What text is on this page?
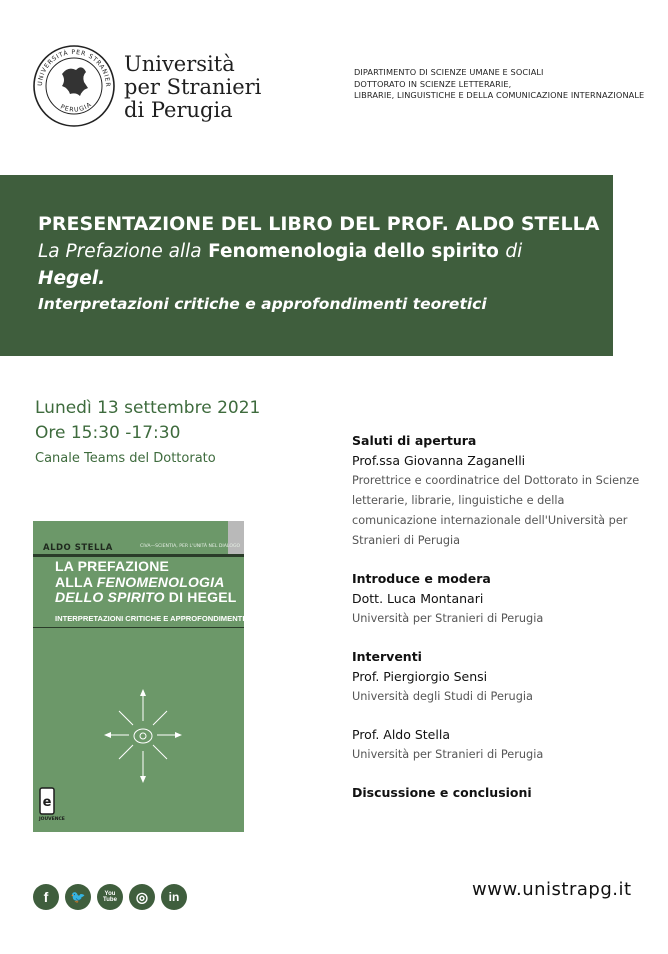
UNIVERSITÀ PER STRANIER
PERUGIA
Università
per Stranieri
di Perugia
DIPARTIMENTO DI SCIENZE UMANE E SOCIALI
DOTTORATO IN SCIENZE LETTERARIE,
LIBRARIE, LINGUISTICHE E DELLA COMUNICAZIONE INTERNAZIONALE
PRESENTAZIONE DEL LIBRO DEL PROF. ALDO STELLA
La Prefazione alla Fenomenologia dello spirito di
Hegel.
Interpretazioni critiche e approfondimenti teoretici
Lunedì 13 settembre 2021
Ore 15:30 -17:30
Canale Teams del Dottorato
ALDO STELLA	CIVA—SCIENTIA, PER L'UNITÀ NEL DIALOGO 2
LA PREFAZIONE
ALLA FENOMENOLOGIA
DELLO SPIRITO DI HEGEL
INTERPRETAZIONI CRITICHE E APPROFONDIMENTI TEORETICI
e
JOUVENCE
Saluti di apertura
Prof.ssa Giovanna Zaganelli
Prorettrice e coordinatrice del Dottorato in Scienze
letterarie, librarie, linguistiche e della
comunicazione internazionale dell'Università per
Stranieri di Perugia
Introduce e modera
Dott. Luca Montanari
Università per Stranieri di Perugia
Interventi
Prof. Piergiorgio Sensi
Università degli Studi di Perugia
Prof. Aldo Stella
Università per Stranieri di Perugia
Discussione e conclusioni
f 🐦	You Tube ◎ in	www.unistrapg.it
